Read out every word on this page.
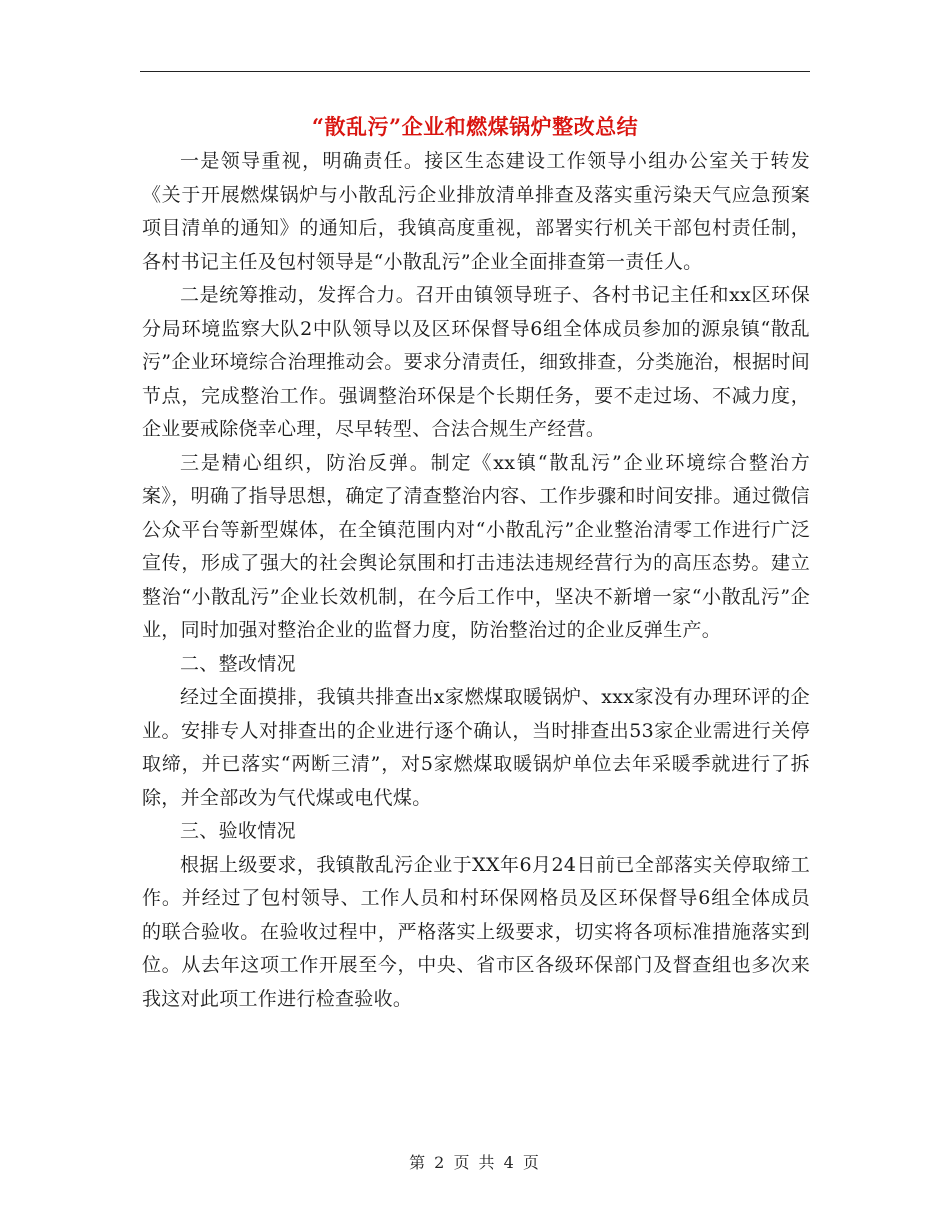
“散乱污”企业和燃煤锅炉整改总结

一是领导重视，明确责任。接区生态建设工作领导小组办公室关于转发《关于开展燃煤锅炉与小散乱污企业排放清单排查及落实重污染天气应急预案项目清单的通知》的通知后，我镇高度重视，部署实行机关干部包村责任制，各村书记主任及包村领导是“小散乱污”企业全面排查第一责任人。

二是统筹推动，发挥合力。召开由镇领导班子、各村书记主任和xx区环保分局环境监察大队2中队领导以及区环保督导6组全体成员参加的源泉镇“散乱污”企业环境综合治理推动会。要求分清责任，细致排查，分类施治，根据时间节点，完成整治工作。强调整治环保是个长期任务，要不走过场、不减力度，企业要戒除侥幸心理，尽早转型、合法合规生产经营。

三是精心组织，防治反弹。制定《xx镇“散乱污”企业环境综合整治方案》，明确了指导思想，确定了清查整治内容、工作步骤和时间安排。通过微信公众平台等新型媒体，在全镇范围内对“小散乱污”企业整治清零工作进行广泛宣传，形成了强大的社会舆论氛围和打击违法违规经营行为的高压态势。建立整治“小散乱污”企业长效机制，在今后工作中，坚决不新增一家“小散乱污”企业，同时加强对整治企业的监督力度，防治整治过的企业反弹生产。

二、整改情况

经过全面摸排，我镇共排查出x家燃煤取暖锅炉、xxx家没有办理环评的企业。安排专人对排查出的企业进行逐个确认，当时排查出53家企业需进行关停取缔，并已落实“两断三清”，对5家燃煤取暖锅炉单位去年采暖季就进行了拆除，并全部改为气代煤或电代煤。

三、验收情况

根据上级要求，我镇散乱污企业于XX年6月24日前已全部落实关停取缔工作。并经过了包村领导、工作人员和村环保网格员及区环保督导6组全体成员的联合验收。在验收过程中，严格落实上级要求，切实将各项标准措施落实到位。从去年这项工作开展至今，中央、省市区各级环保部门及督查组也多次来我这对此项工作进行检查验收。

第 2 页 共 4 页
